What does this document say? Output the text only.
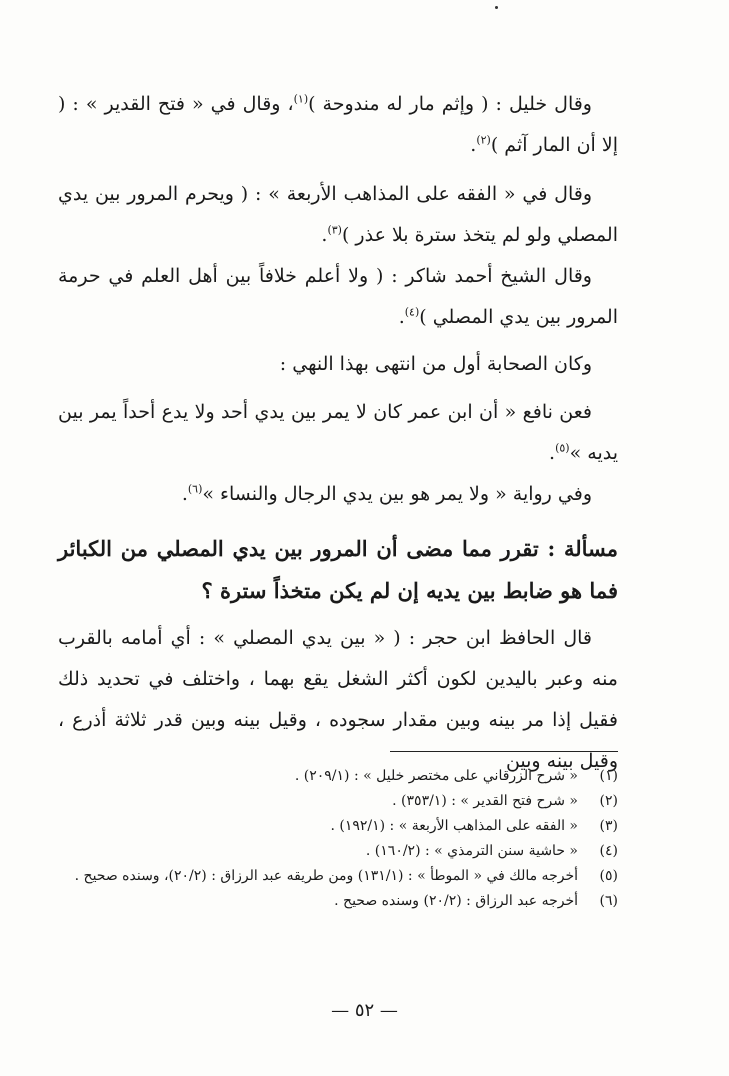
وقال خليل : ( وإثم مار له مندوحة )$^{(١)}$، وقال في « فتح القدير » : ( إلا أن المار آثم )$^{(٢)}$.
وقال في « الفقه على المذاهب الأربعة » : ( ويحرم المرور بين يدي المصلي ولو لم يتخذ سترة بلا عذر )$^{(٣)}$.
وقال الشيخ أحمد شاكر : ( ولا أعلم خلافاً بين أهل العلم في حرمة المرور بين يدي المصلي )$^{(٤)}$.
وكان الصحابة أول من انتهى بهذا النهي :
فعن نافع « أن ابن عمر كان لا يمر بين يدي أحد ولا يدع أحداً يمر بين يديه »$^{(٥)}$.
وفي رواية « ولا يمر هو بين يدي الرجال والنساء »$^{(٦)}$.
مسألة : تقرر مما مضى أن المرور بين يدي المصلي من الكبائر فما هو ضابط بين يديه إن لم يكن متخذاً سترة ؟
قال الحافظ ابن حجر : ( « بين يدي المصلي » : أي أمامه بالقرب منه وعبر باليدين لكون أكثر الشغل يقع بهما ، واختلف في تحديد ذلك فقيل إذا مر بينه وبين مقدار سجوده ، وقيل بينه وبين قدر ثلاثة أذرع ، وقيل بينه وبين
(١)
« شرح الزرقاني على مختصر خليل » : (٢٠٩/١) .
(٢)
« شرح فتح القدير » : (٣٥٣/١) .
(٣)
« الفقه على المذاهب الأربعة » : (١٩٢/١) .
(٤)
« حاشية سنن الترمذي » : (١٦٠/٢) .
(٥)
أخرجه مالك في « الموطأ » : (١٣١/١) ومن طريقه عبد الرزاق : (٢٠/٢)، وسنده صحيح .
(٦)
أخرجه عبد الرزاق : (٢٠/٢) وسنده صحيح .
— ٥٢ —
